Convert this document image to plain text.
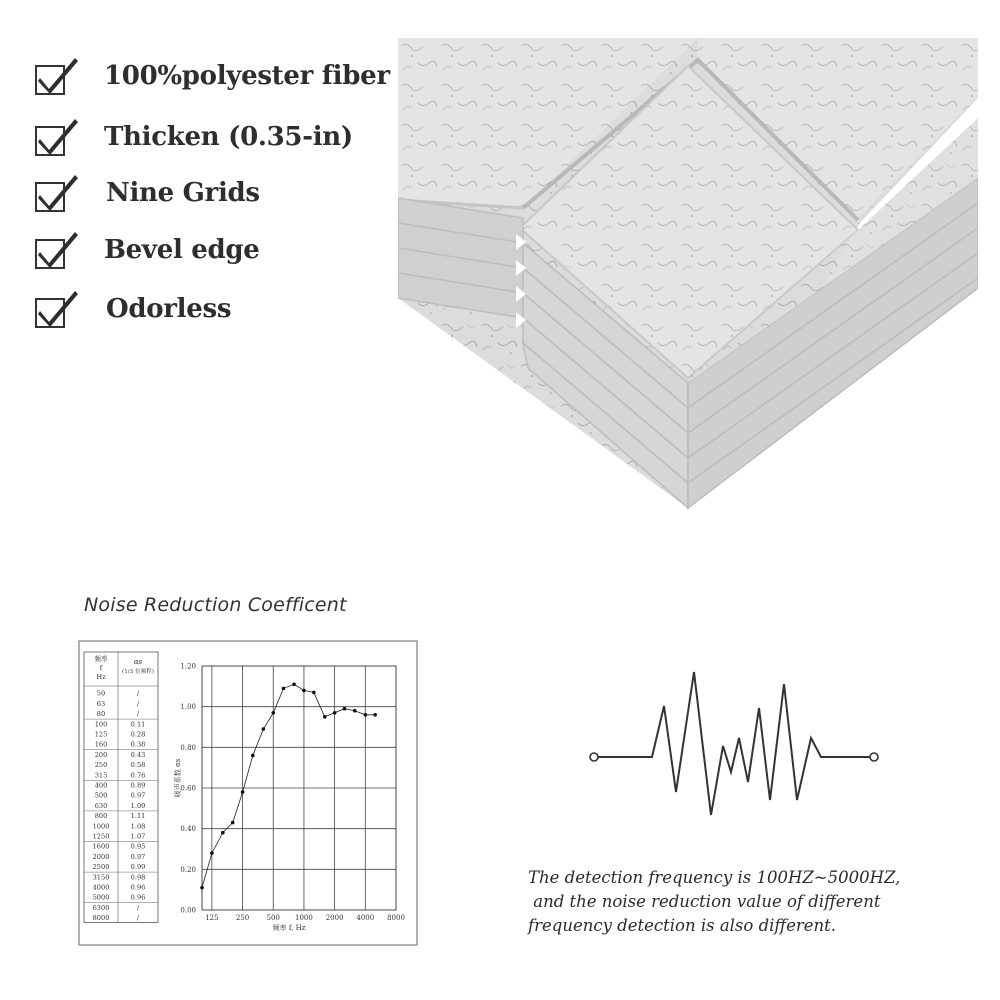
100%polyester fiber
Thicken (0.35-in)
Nine Grids
Bevel edge
Odorless
Noise Reduction Coefficent
频率
f
Hz
αs
(1/3 倍频程)
50	/
63	/
80	/
100	0.11
125	0.28
160	0.38
200	0.43
250	0.58
315	0.76
400	0.89
500	0.97
630	1.09
800	1.11
1000	1.08
1250	1.07
1600	0.95
2000	0.97
2500	0.99
3150	0.98
4000	0.96
5000	0.96
6300	/
8000	/
0.00
0.20
0.40
0.60
0.80
1.00
1.20
125 250 500 1000 2000 4000 8000
频率 f, Hz
吸声系数 αs
The detection frequency is 100HZ~5000HZ,
and the noise reduction value of different
frequency detection is also different.
